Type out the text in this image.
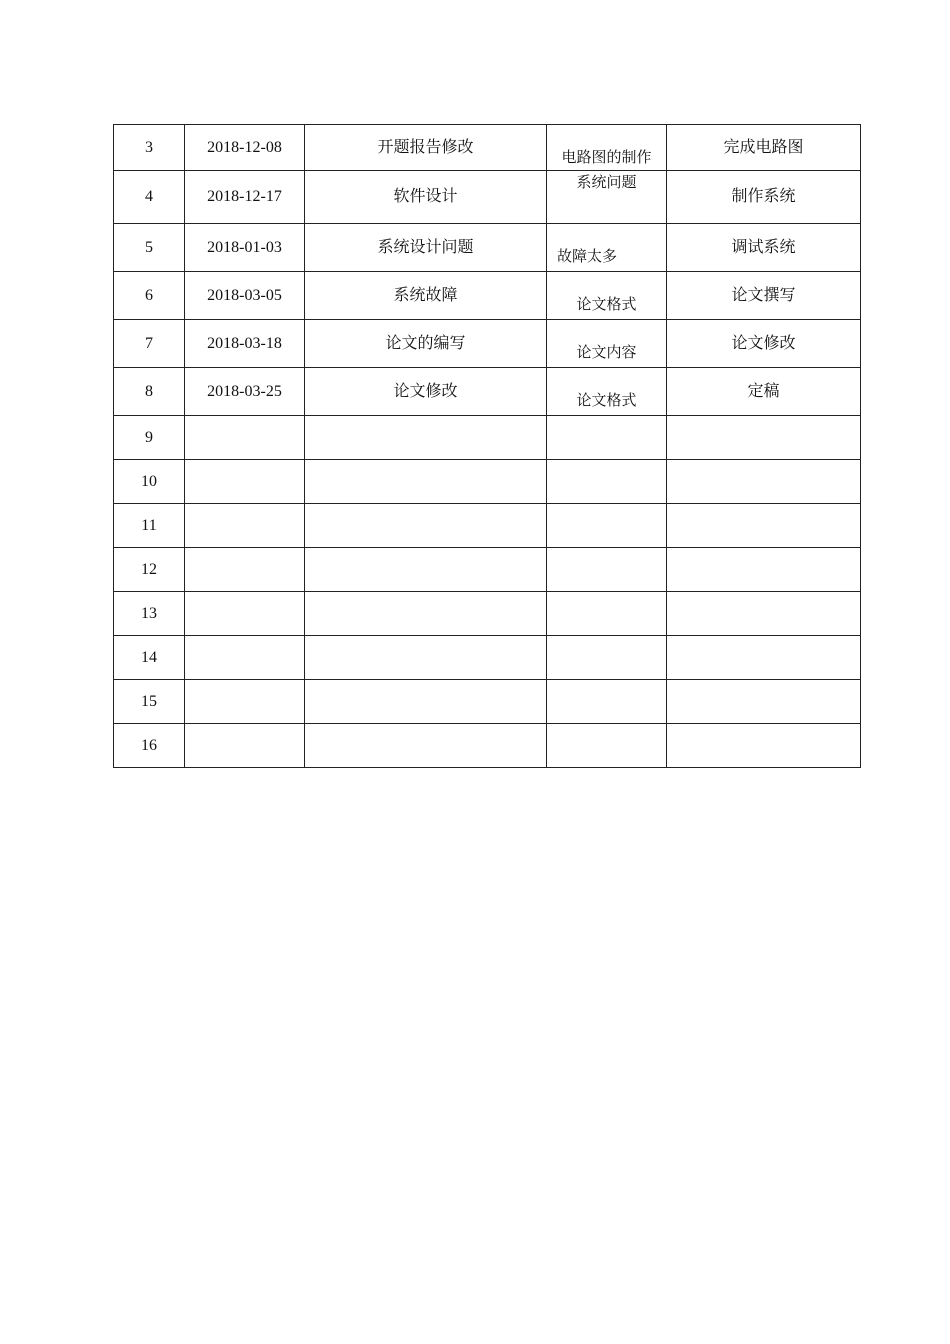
3	2018-12-08	开题报告修改	电路图的制作	完成电路图
4	2018-12-17	软件设计	系统问题	制作系统
5	2018-01-03	系统设计问题	故障太多	调试系统
6	2018-03-05	系统故障	论文格式	论文撰写
7	2018-03-18	论文的编写	论文内容	论文修改
8	2018-03-25	论文修改	论文格式	定稿
9				
10				
11				
12				
13				
14				
15				
16				
